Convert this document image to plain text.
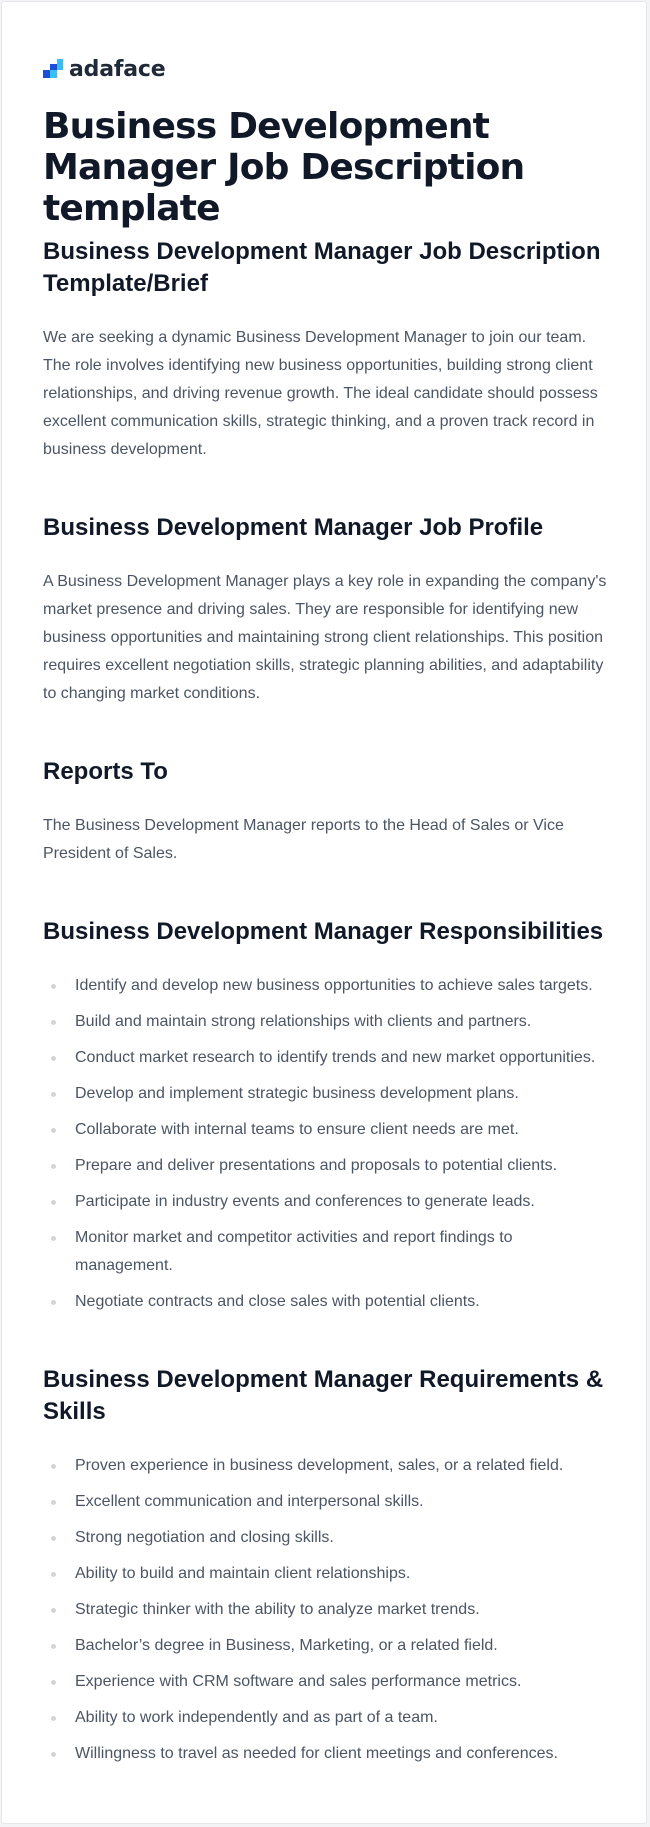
adaface
Business Development Manager Job Description template
Business Development Manager Job Description Template/Brief

We are seeking a dynamic Business Development Manager to join our team. The role involves identifying new business opportunities, building strong client relationships, and driving revenue growth. The ideal candidate should possess excellent communication skills, strategic thinking, and a proven track record in business development.

Business Development Manager Job Profile

A Business Development Manager plays a key role in expanding the company's market presence and driving sales. They are responsible for identifying new business opportunities and maintaining strong client relationships. This position requires excellent negotiation skills, strategic planning abilities, and adaptability to changing market conditions.

Reports To

The Business Development Manager reports to the Head of Sales or Vice President of Sales.

Business Development Manager Responsibilities
Identify and develop new business opportunities to achieve sales targets.
Build and maintain strong relationships with clients and partners.
Conduct market research to identify trends and new market opportunities.
Develop and implement strategic business development plans.
Collaborate with internal teams to ensure client needs are met.
Prepare and deliver presentations and proposals to potential clients.
Participate in industry events and conferences to generate leads.
Monitor market and competitor activities and report findings to management.
Negotiate contracts and close sales with potential clients.
Business Development Manager Requirements & Skills
Proven experience in business development, sales, or a related field.
Excellent communication and interpersonal skills.
Strong negotiation and closing skills.
Ability to build and maintain client relationships.
Strategic thinker with the ability to analyze market trends.
Bachelor’s degree in Business, Marketing, or a related field.
Experience with CRM software and sales performance metrics.
Ability to work independently and as part of a team.
Willingness to travel as needed for client meetings and conferences.
